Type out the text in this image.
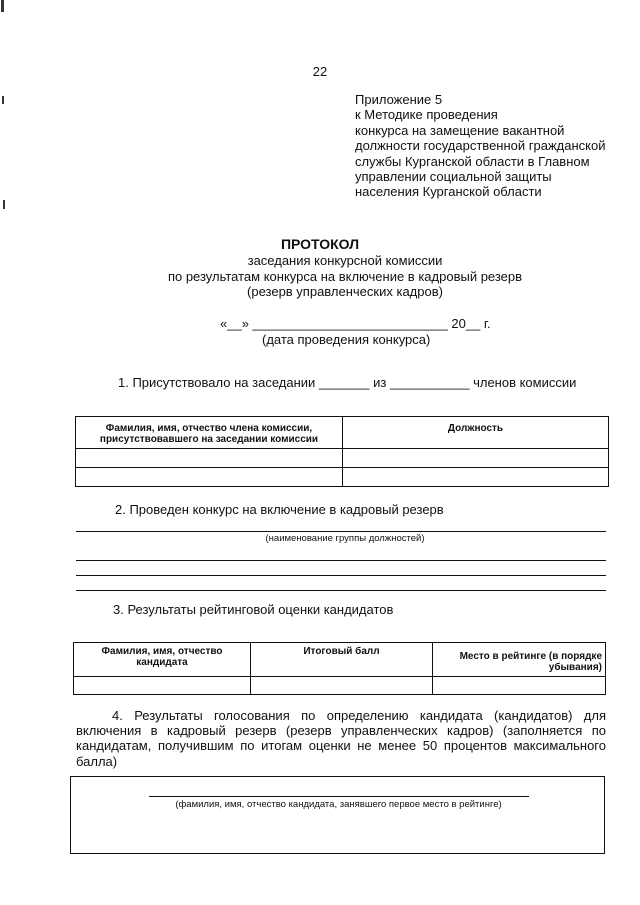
22
Приложение 5
к Методике проведения
конкурса на замещение вакантной
должности государственной гражданской
службы Курганской области в Главном
управлении социальной защиты
населения Курганской области
ПРОТОКОЛ
заседания конкурсной комиссии
по результатам конкурса на включение в кадровый резерв
(резерв управленческих кадров)
«__» ___________________________ 20__ г.
(дата проведения конкурса)
1. Присутствовало на заседании _______ из ___________ членов комиссии
Фамилия, имя, отчество члена комиссии, присутствовавшего на заседании комиссии	Должность

2. Проведен конкурс на включение в кадровый резерв
(наименование группы должностей)
3. Результаты рейтинговой оценки кандидатов
Фамилия, имя, отчество кандидата	Итоговый балл	Место в рейтинге (в порядке убывания)

4. Результаты голосования по определению кандидата (кандидатов) для включения в кадровый резерв (резерв управленческих кадров) (заполняется по кандидатам, получившим по итогам оценки не менее 50 процентов максимального балла)
(фамилия, имя, отчество кандидата, занявшего первое место в рейтинге)
